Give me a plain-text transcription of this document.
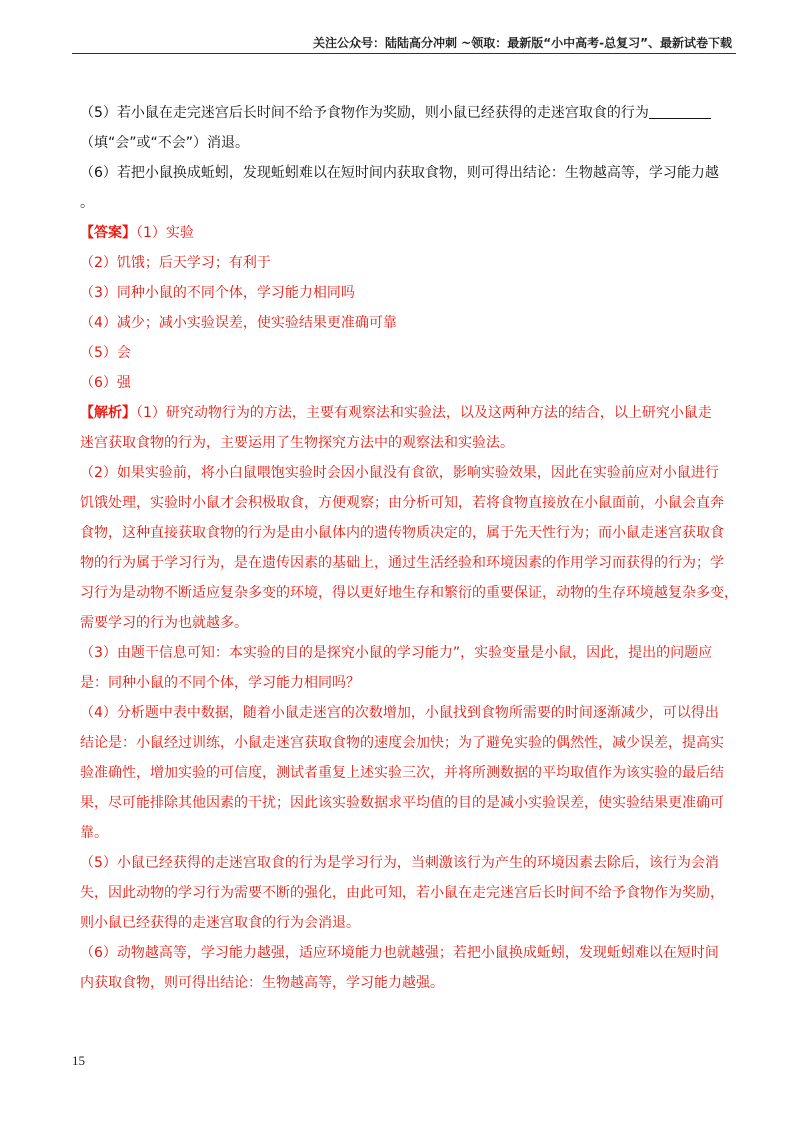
关注公众号：陆陆高分冲刺 ~领取：最新版“小中高考-总复习”、最新试卷下载
（5）若小鼠在走完迷宫后长时间不给予食物作为奖励，则小鼠已经获得的走迷宫取食的行为
（填“会”或“不会”）消退。
（6）若把小鼠换成蚯蚓，发现蚯蚓难以在短时间内获取食物，则可得出结论：生物越高等，学习能力越
。
【答案】（1）实验
（2）饥饿；后天学习；有利于
（3）同种小鼠的不同个体，学习能力相同吗
（4）减少；减小实验误差，使实验结果更准确可靠
（5）会
（6）强
【解析】（1）研究动物行为的方法，主要有观察法和实验法，以及这两种方法的结合，以上研究小鼠走
迷宫获取食物的行为，主要运用了生物探究方法中的观察法和实验法。
（2）如果实验前，将小白鼠喂饱实验时会因小鼠没有食欲，影响实验效果，因此在实验前应对小鼠进行
饥饿处理，实验时小鼠才会积极取食，方便观察；由分析可知，若将食物直接放在小鼠面前，小鼠会直奔
食物，这种直接获取食物的行为是由小鼠体内的遗传物质决定的，属于先天性行为；而小鼠走迷宫获取食
物的行为属于学习行为，是在遗传因素的基础上，通过生活经验和环境因素的作用学习而获得的行为；学
习行为是动物不断适应复杂多变的环境，得以更好地生存和繁衍的重要保证，动物的生存环境越复杂多变，
需要学习的行为也就越多。
（3）由题干信息可知：本实验的目的是探究小鼠的学习能力”，实验变量是小鼠，因此，提出的问题应
是：同种小鼠的不同个体，学习能力相同吗？
（4）分析题中表中数据，随着小鼠走迷宫的次数增加，小鼠找到食物所需要的时间逐渐减少，可以得出
结论是：小鼠经过训练，小鼠走迷宫获取食物的速度会加快；为了避免实验的偶然性，减少误差，提高实
验准确性，增加实验的可信度，测试者重复上述实验三次，并将所测数据的平均取值作为该实验的最后结
果，尽可能排除其他因素的干扰；因此该实验数据求平均值的目的是减小实验误差，使实验结果更准确可
靠。
（5）小鼠已经获得的走迷宫取食的行为是学习行为，当刺激该行为产生的环境因素去除后，该行为会消
失，因此动物的学习行为需要不断的强化，由此可知，若小鼠在走完迷宫后长时间不给予食物作为奖励，
则小鼠已经获得的走迷宫取食的行为会消退。
（6）动物越高等，学习能力越强，适应环境能力也就越强；若把小鼠换成蚯蚓，发现蚯蚓难以在短时间
内获取食物，则可得出结论：生物越高等，学习能力越强。
15
